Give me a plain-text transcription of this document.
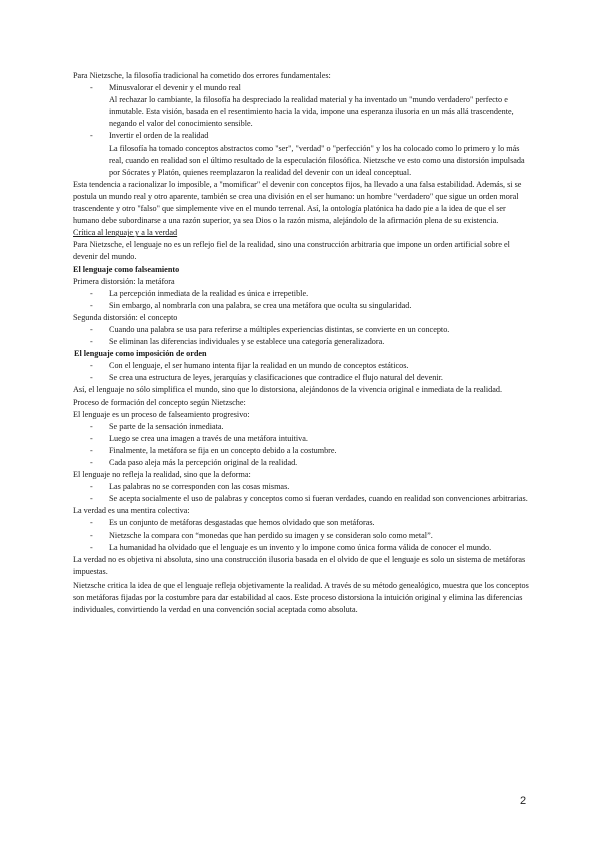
Para Nietzsche, la filosofía tradicional ha cometido dos errores fundamentales:

- Minusvalorar el devenir y el mundo real

Al rechazar lo cambiante, la filosofía ha despreciado la realidad material y ha inventado un "mundo verdadero" perfecto e inmutable. Esta visión, basada en el resentimiento hacia la vida, impone una esperanza ilusoria en un más allá trascendente, negando el valor del conocimiento sensible.

- Invertir el orden de la realidad

La filosofía ha tomado conceptos abstractos como "ser", "verdad" o "perfección" y los ha colocado como lo primero y lo más real, cuando en realidad son el último resultado de la especulación filosófica. Nietzsche ve esto como una distorsión impulsada por Sócrates y Platón, quienes reemplazaron la realidad del devenir con un ideal conceptual.

Esta tendencia a racionalizar lo imposible, a "momificar" el devenir con conceptos fijos, ha llevado a una falsa estabilidad. Además, si se postula un mundo real y otro aparente, también se crea una división en el ser humano: un hombre "verdadero" que sigue un orden moral trascendente y otro "falso" que simplemente vive en el mundo terrenal. Así, la ontología platónica ha dado pie a la idea de que el ser humano debe subordinarse a una razón superior, ya sea Dios o la razón misma, alejándolo de la afirmación plena de su existencia.

Crítica al lenguaje y a la verdad

Para Nietzsche, el lenguaje no es un reflejo fiel de la realidad, sino una construcción arbitraria que impone un orden artificial sobre el devenir del mundo.

El lenguaje como falseamiento

Primera distorsión: la metáfora

- La percepción inmediata de la realidad es única e irrepetible.

- Sin embargo, al nombrarla con una palabra, se crea una metáfora que oculta su singularidad.

Segunda distorsión: el concepto

- Cuando una palabra se usa para referirse a múltiples experiencias distintas, se convierte en un concepto.

- Se eliminan las diferencias individuales y se establece una categoría generalizadora.

El lenguaje como imposición de orden

- Con el lenguaje, el ser humano intenta fijar la realidad en un mundo de conceptos estáticos.

- Se crea una estructura de leyes, jerarquías y clasificaciones que contradice el flujo natural del devenir.

Así, el lenguaje no sólo simplifica el mundo, sino que lo distorsiona, alejándonos de la vivencia original e inmediata de la realidad.

Proceso de formación del concepto según Nietzsche:

El lenguaje es un proceso de falseamiento progresivo:

- Se parte de la sensación inmediata.

- Luego se crea una imagen a través de una metáfora intuitiva.

- Finalmente, la metáfora se fija en un concepto debido a la costumbre.

- Cada paso aleja más la percepción original de la realidad.

El lenguaje no refleja la realidad, sino que la deforma:

- Las palabras no se corresponden con las cosas mismas.

- Se acepta socialmente el uso de palabras y conceptos como si fueran verdades, cuando en realidad son convenciones arbitrarias.

La verdad es una mentira colectiva:

- Es un conjunto de metáforas desgastadas que hemos olvidado que son metáforas.

- Nietzsche la compara con “monedas que han perdido su imagen y se consideran solo como metal”.

- La humanidad ha olvidado que el lenguaje es un invento y lo impone como única forma válida de conocer el mundo.

La verdad no es objetiva ni absoluta, sino una construcción ilusoria basada en el olvido de que el lenguaje es solo un sistema de metáforas impuestas.

Nietzsche critica la idea de que el lenguaje refleja objetivamente la realidad. A través de su método genealógico, muestra que los conceptos son metáforas fijadas por la costumbre para dar estabilidad al caos. Este proceso distorsiona la intuición original y elimina las diferencias individuales, convirtiendo la verdad en una convención social aceptada como absoluta.

2
